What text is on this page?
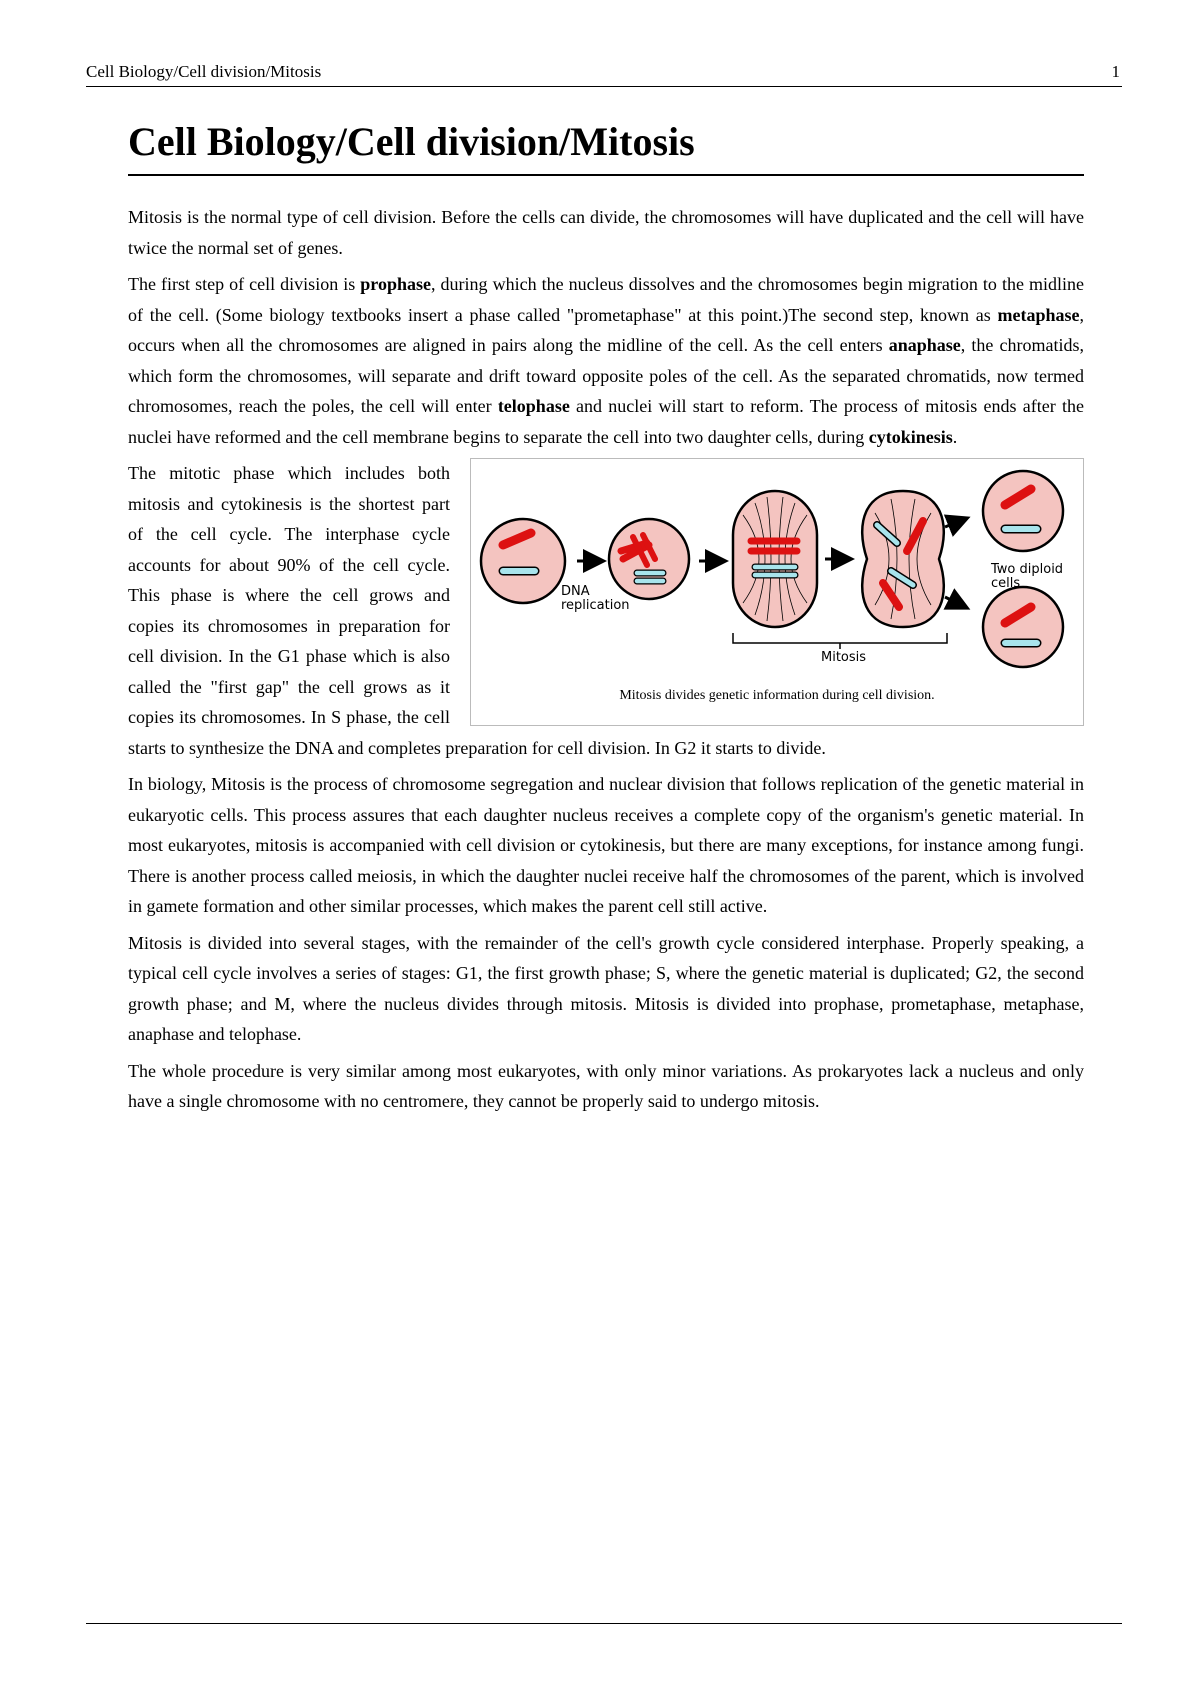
Cell Biology/Cell division/Mitosis	1
Cell Biology/Cell division/Mitosis

Mitosis is the normal type of cell division. Before the cells can divide, the chromosomes will have duplicated and the cell will have twice the normal set of genes.

The first step of cell division is prophase, during which the nucleus dissolves and the chromosomes begin migration to the midline of the cell. (Some biology textbooks insert a phase called "prometaphase" at this point.)The second step, known as metaphase, occurs when all the chromosomes are aligned in pairs along the midline of the cell. As the cell enters anaphase, the chromatids, which form the chromosomes, will separate and drift toward opposite poles of the cell. As the separated chromatids, now termed chromosomes, reach the poles, the cell will enter telophase and nuclei will start to reform. The process of mitosis ends after the nuclei have reformed and the cell membrane begins to separate the cell into two daughter cells, during cytokinesis.

DNA
replication
Mitosis
Two diploid
cells
Mitosis divides genetic information during cell division.

The mitotic phase which includes both mitosis and cytokinesis is the shortest part of the cell cycle. The interphase cycle accounts for about 90% of the cell cycle. This phase is where the cell grows and copies its chromosomes in preparation for cell division. In the G1 phase which is also called the "first gap" the cell grows as it copies its chromosomes. In S phase, the cell starts to synthesize the DNA and completes preparation for cell division. In G2 it starts to divide.

In biology, Mitosis is the process of chromosome segregation and nuclear division that follows replication of the genetic material in eukaryotic cells. This process assures that each daughter nucleus receives a complete copy of the organism's genetic material. In most eukaryotes, mitosis is accompanied with cell division or cytokinesis, but there are many exceptions, for instance among fungi. There is another process called meiosis, in which the daughter nuclei receive half the chromosomes of the parent, which is involved in gamete formation and other similar processes, which makes the parent cell still active.

Mitosis is divided into several stages, with the remainder of the cell's growth cycle considered interphase. Properly speaking, a typical cell cycle involves a series of stages: G1, the first growth phase; S, where the genetic material is duplicated; G2, the second growth phase; and M, where the nucleus divides through mitosis. Mitosis is divided into prophase, prometaphase, metaphase, anaphase and telophase.

The whole procedure is very similar among most eukaryotes, with only minor variations. As prokaryotes lack a nucleus and only have a single chromosome with no centromere, they cannot be properly said to undergo mitosis.
